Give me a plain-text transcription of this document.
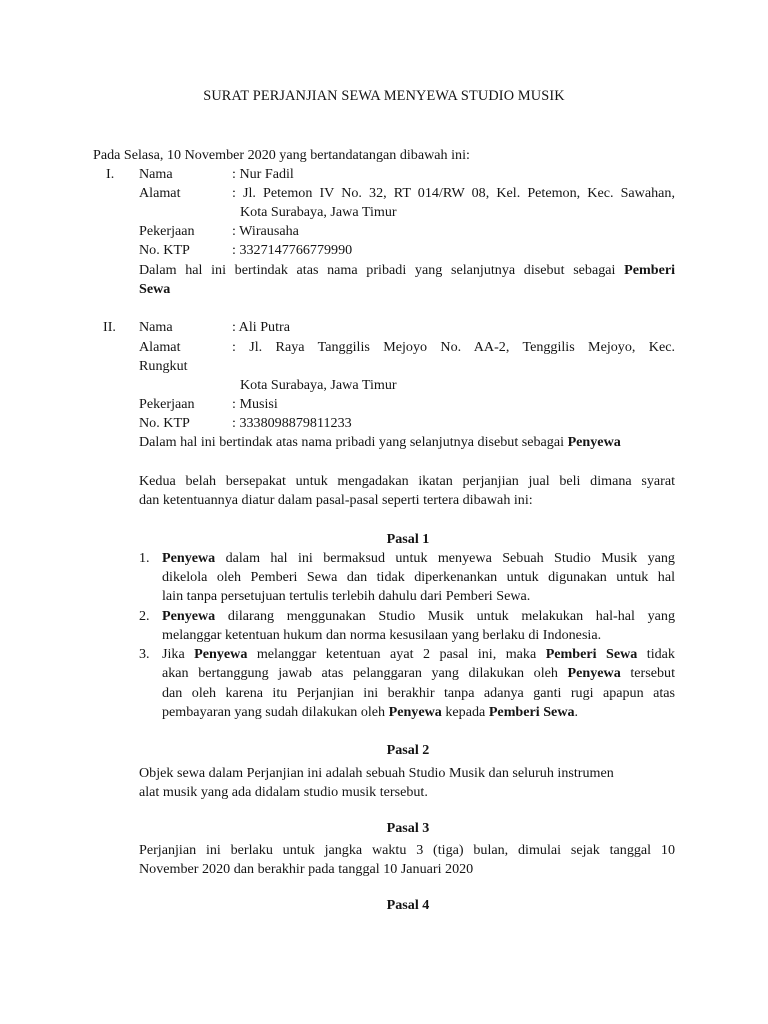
SURAT PERJANJIAN SEWA MENYEWA STUDIO MUSIK
Pada Selasa, 10 November 2020 yang bertandatangan dibawah ini:
I. Nama	: Nur Fadil
Alamat	: Jl. Petemon IV No. 32, RT 014/RW 08, Kel. Petemon, Kec. Sawahan,
Kota Surabaya, Jawa Timur
Pekerjaan	: Wirausaha
No. KTP	: 3327147766779990
Dalam hal ini bertindak atas nama pribadi yang selanjutnya disebut sebagai Pemberi
Sewa
II. Nama	: Ali Putra
Alamat	: Jl. Raya Tanggilis Mejoyo No. AA-2, Tenggilis Mejoyo, Kec.
Rungkut
Kota Surabaya, Jawa Timur
Pekerjaan	: Musisi
No. KTP	: 3338098879811233
Dalam hal ini bertindak atas nama pribadi yang selanjutnya disebut sebagai Penyewa
Kedua belah bersepakat untuk mengadakan ikatan perjanjian jual beli dimana syarat
dan ketentuannya diatur dalam pasal-pasal seperti tertera dibawah ini:
Pasal 1
1. Penyewa dalam hal ini bermaksud untuk menyewa Sebuah Studio Musik yang
dikelola oleh Pemberi Sewa dan tidak diperkenankan untuk digunakan untuk hal
lain tanpa persetujuan tertulis terlebih dahulu dari Pemberi Sewa.
2. Penyewa dilarang menggunakan Studio Musik untuk melakukan hal-hal yang
melanggar ketentuan hukum dan norma kesusilaan yang berlaku di Indonesia.
3. Jika Penyewa melanggar ketentuan ayat 2 pasal ini, maka Pemberi Sewa tidak
akan bertanggung jawab atas pelanggaran yang dilakukan oleh Penyewa tersebut
dan oleh karena itu Perjanjian ini berakhir tanpa adanya ganti rugi apapun atas
pembayaran yang sudah dilakukan oleh Penyewa kepada Pemberi Sewa.
Pasal 2
Objek sewa dalam Perjanjian ini adalah sebuah Studio Musik dan seluruh instrumen
alat musik yang ada didalam studio musik tersebut.
Pasal 3
Perjanjian ini berlaku untuk jangka waktu 3 (tiga) bulan, dimulai sejak tanggal 10
November 2020 dan berakhir pada tanggal 10 Januari 2020
Pasal 4
